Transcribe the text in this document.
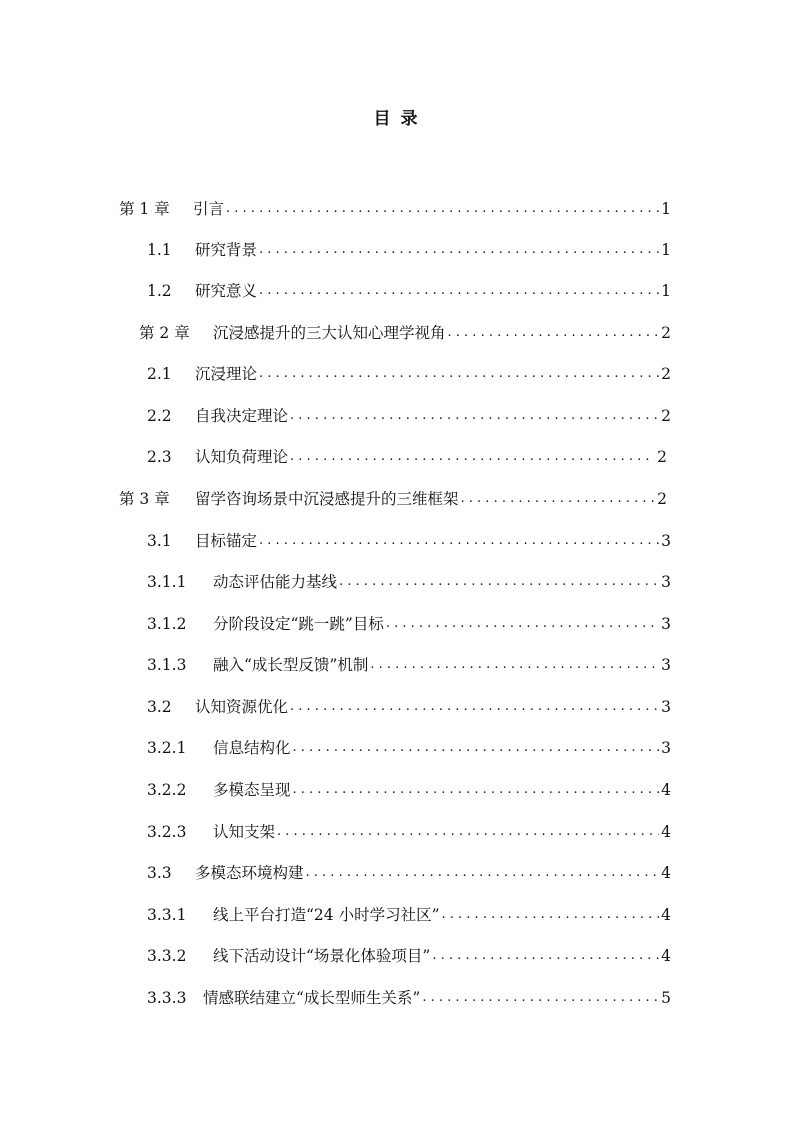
目 录
第 1 章	引言 . . .	1
1.1	研究背景 . . .	1
1.2	研究意义 . . .	1
第 2 章	沉浸感提升的三大认知心理学视角 . . .	2
2.1	沉浸理论 . . .	2
2.2	自我决定理论 . . .	2
2.3	认知负荷理论 . . .	2
第 3 章	留学咨询场景中沉浸感提升的三维框架 . . .	2
3.1	目标锚定 . . .	3
3.1.1	动态评估能力基线 . . .	3
3.1.2	分阶段设定“跳一跳”目标 . . .	3
3.1.3	融入“成长型反馈”机制 . . .	3
3.2	认知资源优化 . . .	3
3.2.1	信息结构化 . . .	3
3.2.2	多模态呈现 . . .	4
3.2.3	认知支架 . . .	4
3.3	多模态环境构建 . . .	4
3.3.1	线上平台打造“24 小时学习社区” . . .	4
3.3.2	线下活动设计“场景化体验项目” . . .	4
3.3.3	情感联结建立“成长型师生关系” . . .	5
